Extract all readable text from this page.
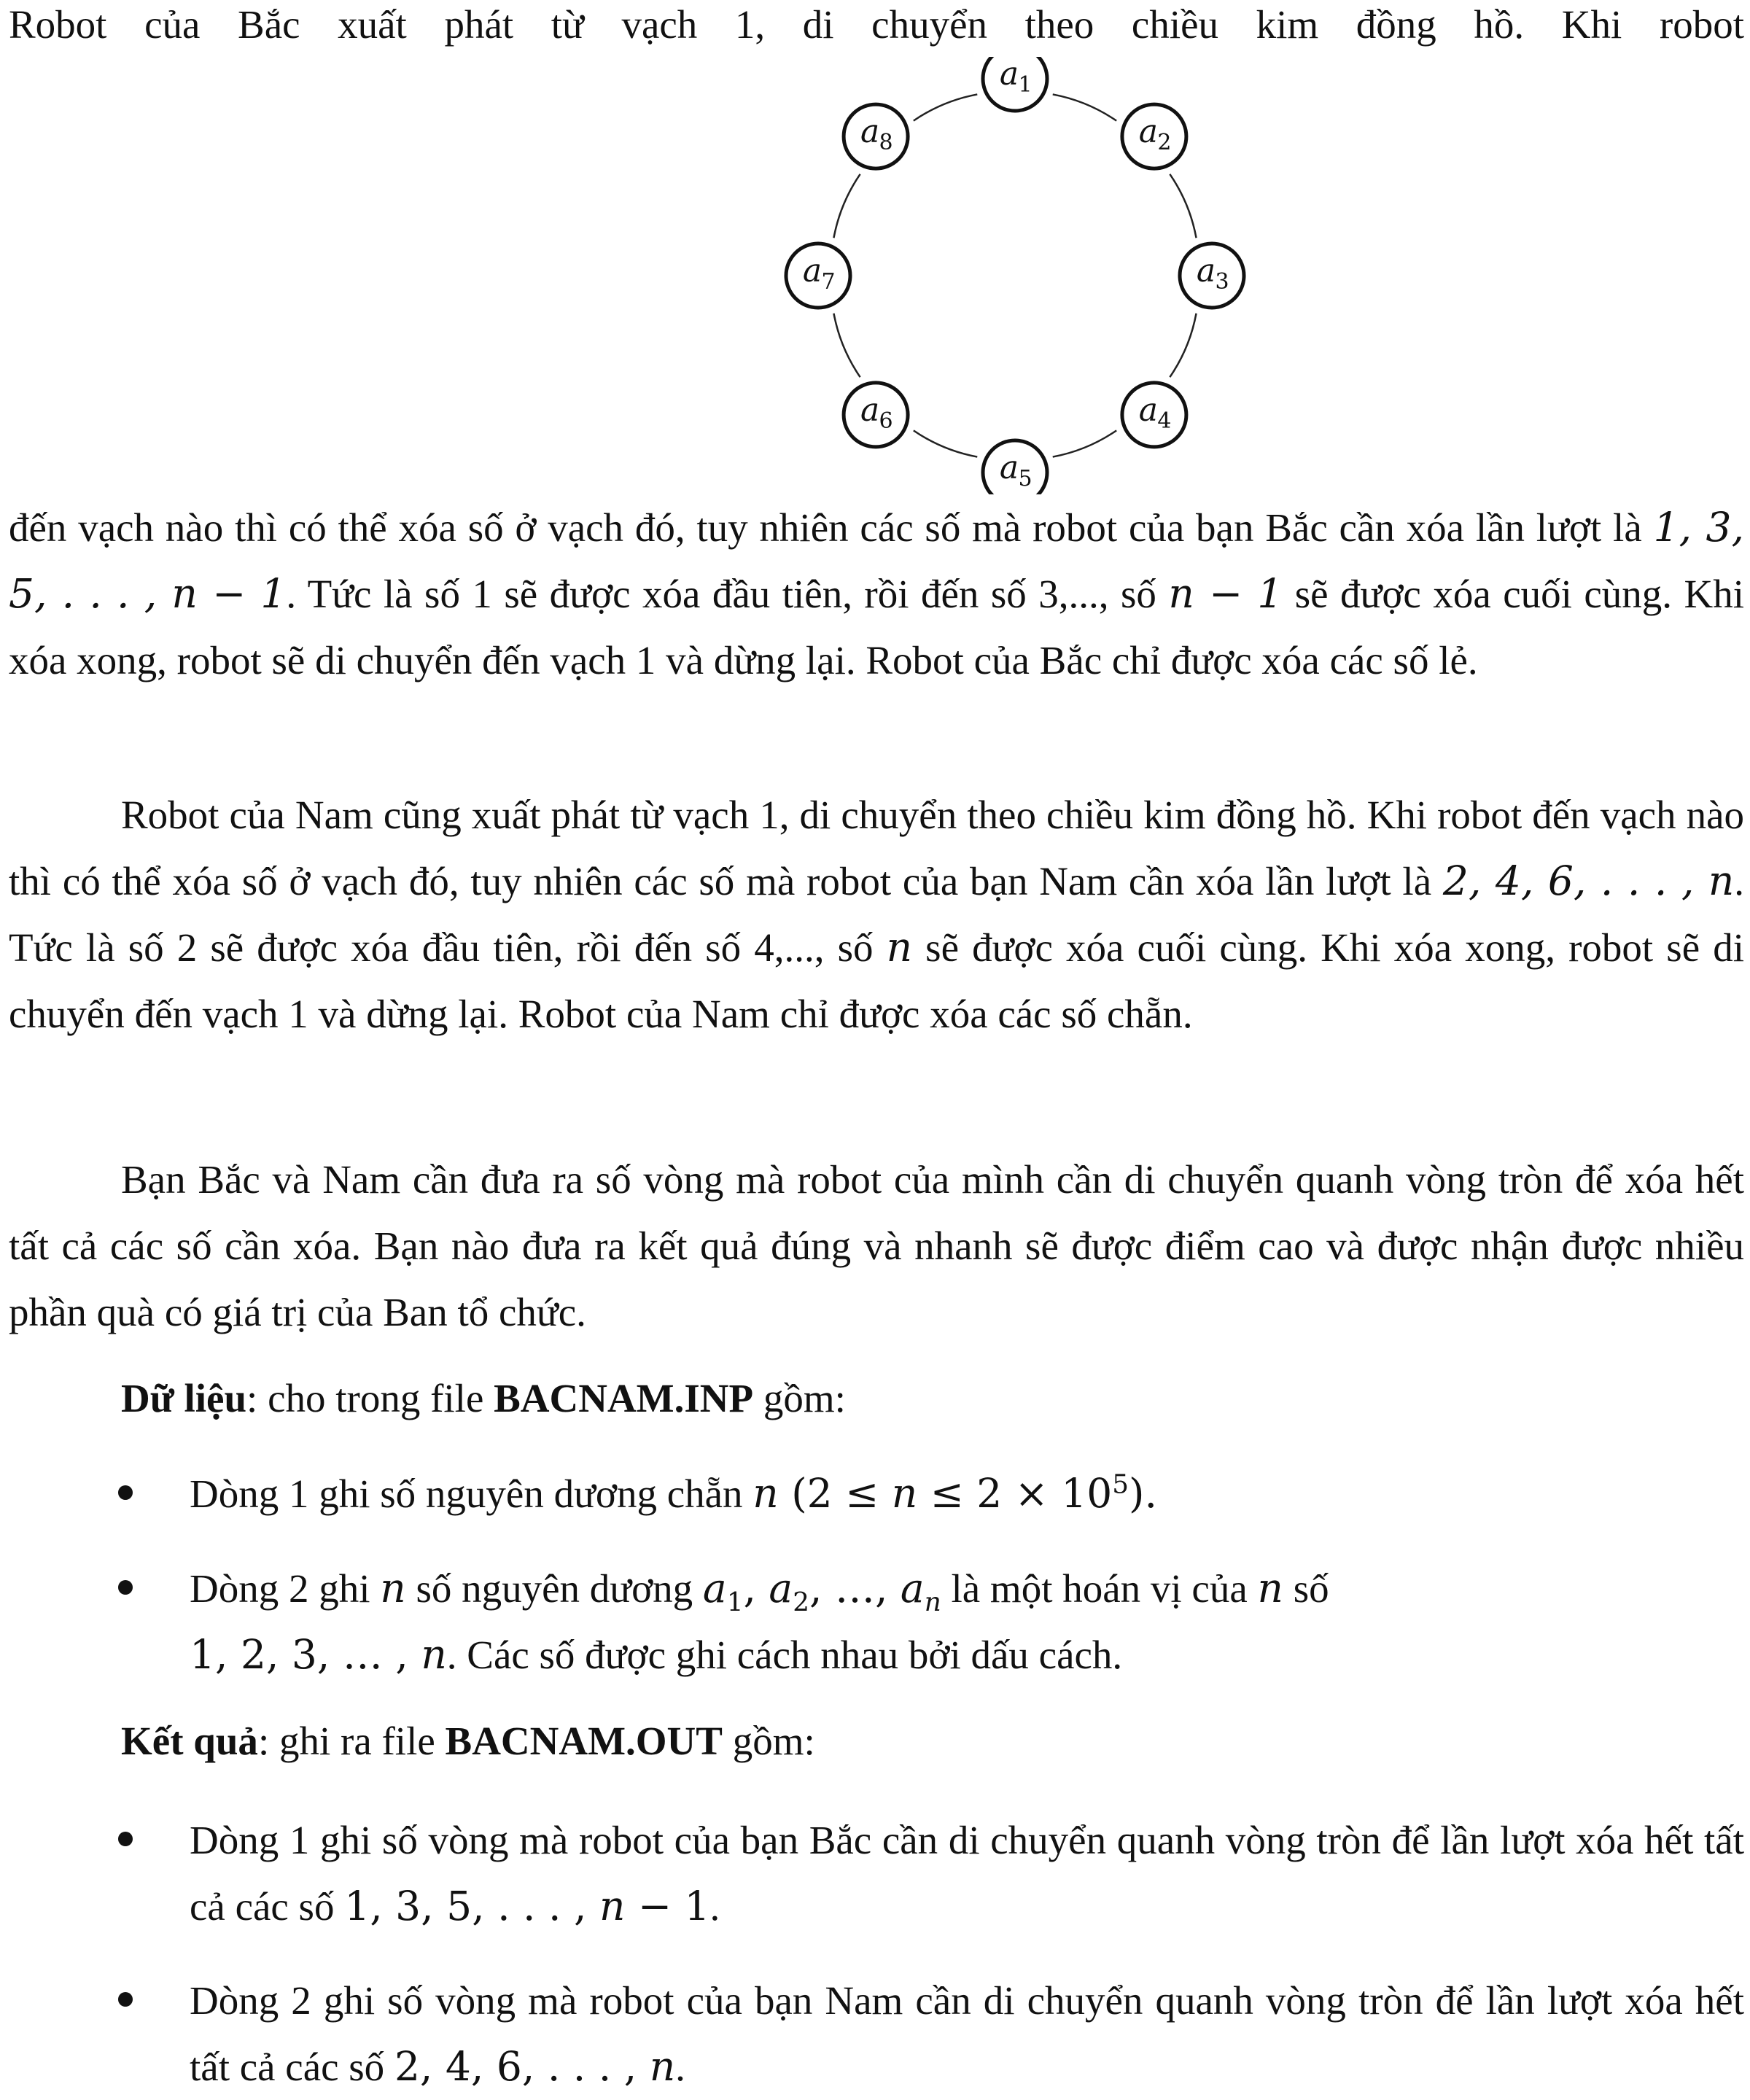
Robot của Bắc xuất phát từ vạch 1, di chuyển theo chiều kim đồng hồ. Khi robot

a 1
a 2
a 3
a 4
a 5
a 6
a 7
a 8

đến vạch nào thì có thể xóa số ở vạch đó, tuy nhiên các số mà robot của bạn Bắc cần xóa lần lượt là 1, 3, 5, . . . , n − 1. Tức là số 1 sẽ được xóa đầu tiên, rồi đến số 3,..., số n − 1 sẽ được xóa cuối cùng. Khi xóa xong, robot sẽ di chuyển đến vạch 1 và dừng lại. Robot của Bắc chỉ được xóa các số lẻ.

Robot của Nam cũng xuất phát từ vạch 1, di chuyển theo chiều kim đồng hồ. Khi robot đến vạch nào thì có thể xóa số ở vạch đó, tuy nhiên các số mà robot của bạn Nam cần xóa lần lượt là 2, 4, 6, . . . , n. Tức là số 2 sẽ được xóa đầu tiên, rồi đến số 4,..., số n sẽ được xóa cuối cùng. Khi xóa xong, robot sẽ di chuyển đến vạch 1 và dừng lại. Robot của Nam chỉ được xóa các số chẵn.

Bạn Bắc và Nam cần đưa ra số vòng mà robot của mình cần di chuyển quanh vòng tròn để xóa hết tất cả các số cần xóa. Bạn nào đưa ra kết quả đúng và nhanh sẽ được điểm cao và được nhận được nhiều phần quà có giá trị của Ban tổ chức.

Dữ liệu: cho trong file BACNAM.INP gồm:
Dòng 1 ghi số nguyên dương chẵn n $(2 \le n \le 2 \times 10^5)$.
Dòng 2 ghi n số nguyên dương $a_1$, $a_2$, …, $a_n$ là một hoán vị của n số
1, 2, 3, … , n. Các số được ghi cách nhau bởi dấu cách.
Kết quả: ghi ra file BACNAM.OUT gồm:
Dòng 1 ghi số vòng mà robot của bạn Bắc cần di chuyển quanh vòng tròn để lần lượt xóa hết tất cả các số 1, 3, 5, . . . , n − 1.
Dòng 2 ghi số vòng mà robot của bạn Nam cần di chuyển quanh vòng tròn để lần lượt xóa hết tất cả các số 2, 4, 6, . . . , n.
